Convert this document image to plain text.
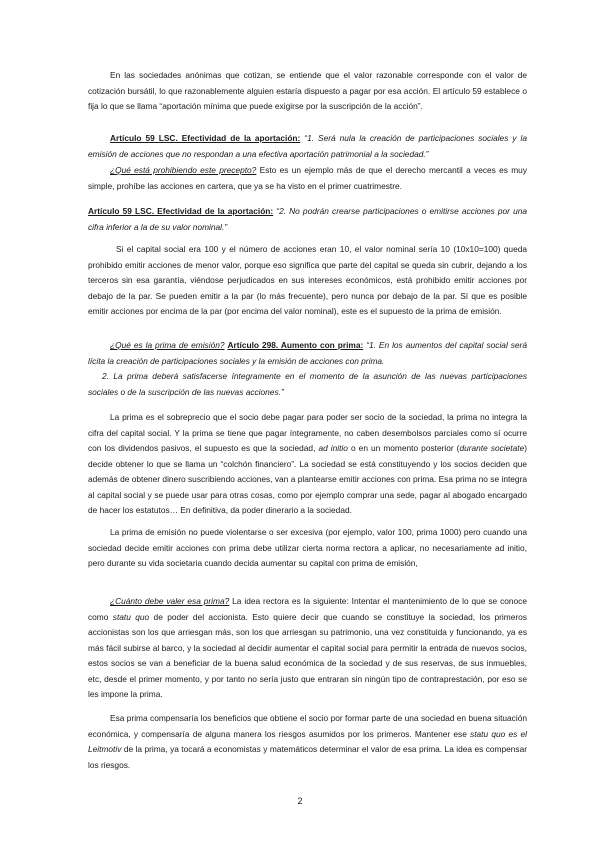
En las sociedades anónimas que cotizan, se entiende que el valor razonable corresponde con el valor de cotización bursátil, lo que razonablemente alguien estaría dispuesto a pagar por esa acción. El artículo 59 establece o fija lo que se llama “aportación mínima que puede exigirse por la suscripción de la acción”.
Artículo 59 LSC. Efectividad de la aportación: “1. Será nula la creación de participaciones sociales y la emisión de acciones que no respondan a una efectiva aportación patrimonial a la sociedad.”
¿Qué está prohibiendo este precepto? Esto es un ejemplo más de que el derecho mercantil a veces es muy simple, prohíbe las acciones en cartera, que ya se ha visto en el primer cuatrimestre.
Artículo 59 LSC. Efectividad de la aportación: “2. No podrán crearse participaciones o emitirse acciones por una cifra inferior a la de su valor nominal.”
Si el capital social era 100 y el número de acciones eran 10, el valor nominal sería 10 (10x10=100) queda prohibido emitir acciones de menor valor, porque eso significa que parte del capital se queda sin cubrir, dejando a los terceros sin esa garantía, viéndose perjudicados en sus intereses económicos, está prohibido emitir acciones por debajo de la par. Se pueden emitir a la par (lo más frecuente), pero nunca por debajo de la par. Sí que es posible emitir acciones por encima de la par (por encima del valor nominal), este es el supuesto de la prima de emisión.
¿Qué es la prima de emisión? Artículo 298. Aumento con prima: “1. En los aumentos del capital social será lícita la creación de participaciones sociales y la emisión de acciones con prima.
2. La prima deberá satisfacerse íntegramente en el momento de la asunción de las nuevas participaciones sociales o de la suscripción de las nuevas acciones.”
La prima es el sobreprecio que el socio debe pagar para poder ser socio de la sociedad, la prima no integra la cifra del capital social. Y la prima se tiene que pagar íntegramente, no caben desembolsos parciales como sí ocurre con los dividendos pasivos, el supuesto es que la sociedad, ad initio o en un momento posterior (durante societate) decide obtener lo que se llama un “colchón financiero”. La sociedad se está constituyendo y los socios deciden que además de obtener dinero suscribiendo acciones, van a plantearse emitir acciones con prima. Esa prima no se integra al capital social y se puede usar para otras cosas, como por ejemplo comprar una sede, pagar al abogado encargado de hacer los estatutos… En definitiva, da poder dinerario a la sociedad.
La prima de emisión no puede violentarse o ser excesiva (por ejemplo, valor 100, prima 1000) pero cuando una sociedad decide emitir acciones con prima debe utilizar cierta norma rectora a aplicar, no necesariamente ad initio, pero durante su vida societaria cuando decida aumentar su capital con prima de emisión,
¿Cuánto debe valer esa prima? La idea rectora es la siguiente: Intentar el mantenimiento de lo que se conoce como statu quo de poder del accionista. Esto quiere decir que cuando se constituye la sociedad, los primeros accionistas son los que arriesgan más, son los que arriesgan su patrimonio, una vez constituida y funcionando, ya es más fácil subirse al barco, y la sociedad al decidir aumentar el capital social para permitir la entrada de nuevos socios, estos socios se van a beneficiar de la buena salud económica de la sociedad y de sus reservas, de sus inmuebles, etc, desde el primer momento, y por tanto no sería justo que entraran sin ningún tipo de contraprestación, por eso se les impone la prima.
Esa prima compensaría los beneficios que obtiene el socio por formar parte de una sociedad en buena situación económica, y compensaría de alguna manera los riesgos asumidos por los primeros. Mantener ese statu quo es el Leitmotiv de la prima, ya tocará a economistas y matemáticos determinar el valor de esa prima. La idea es compensar los riesgos.
2
